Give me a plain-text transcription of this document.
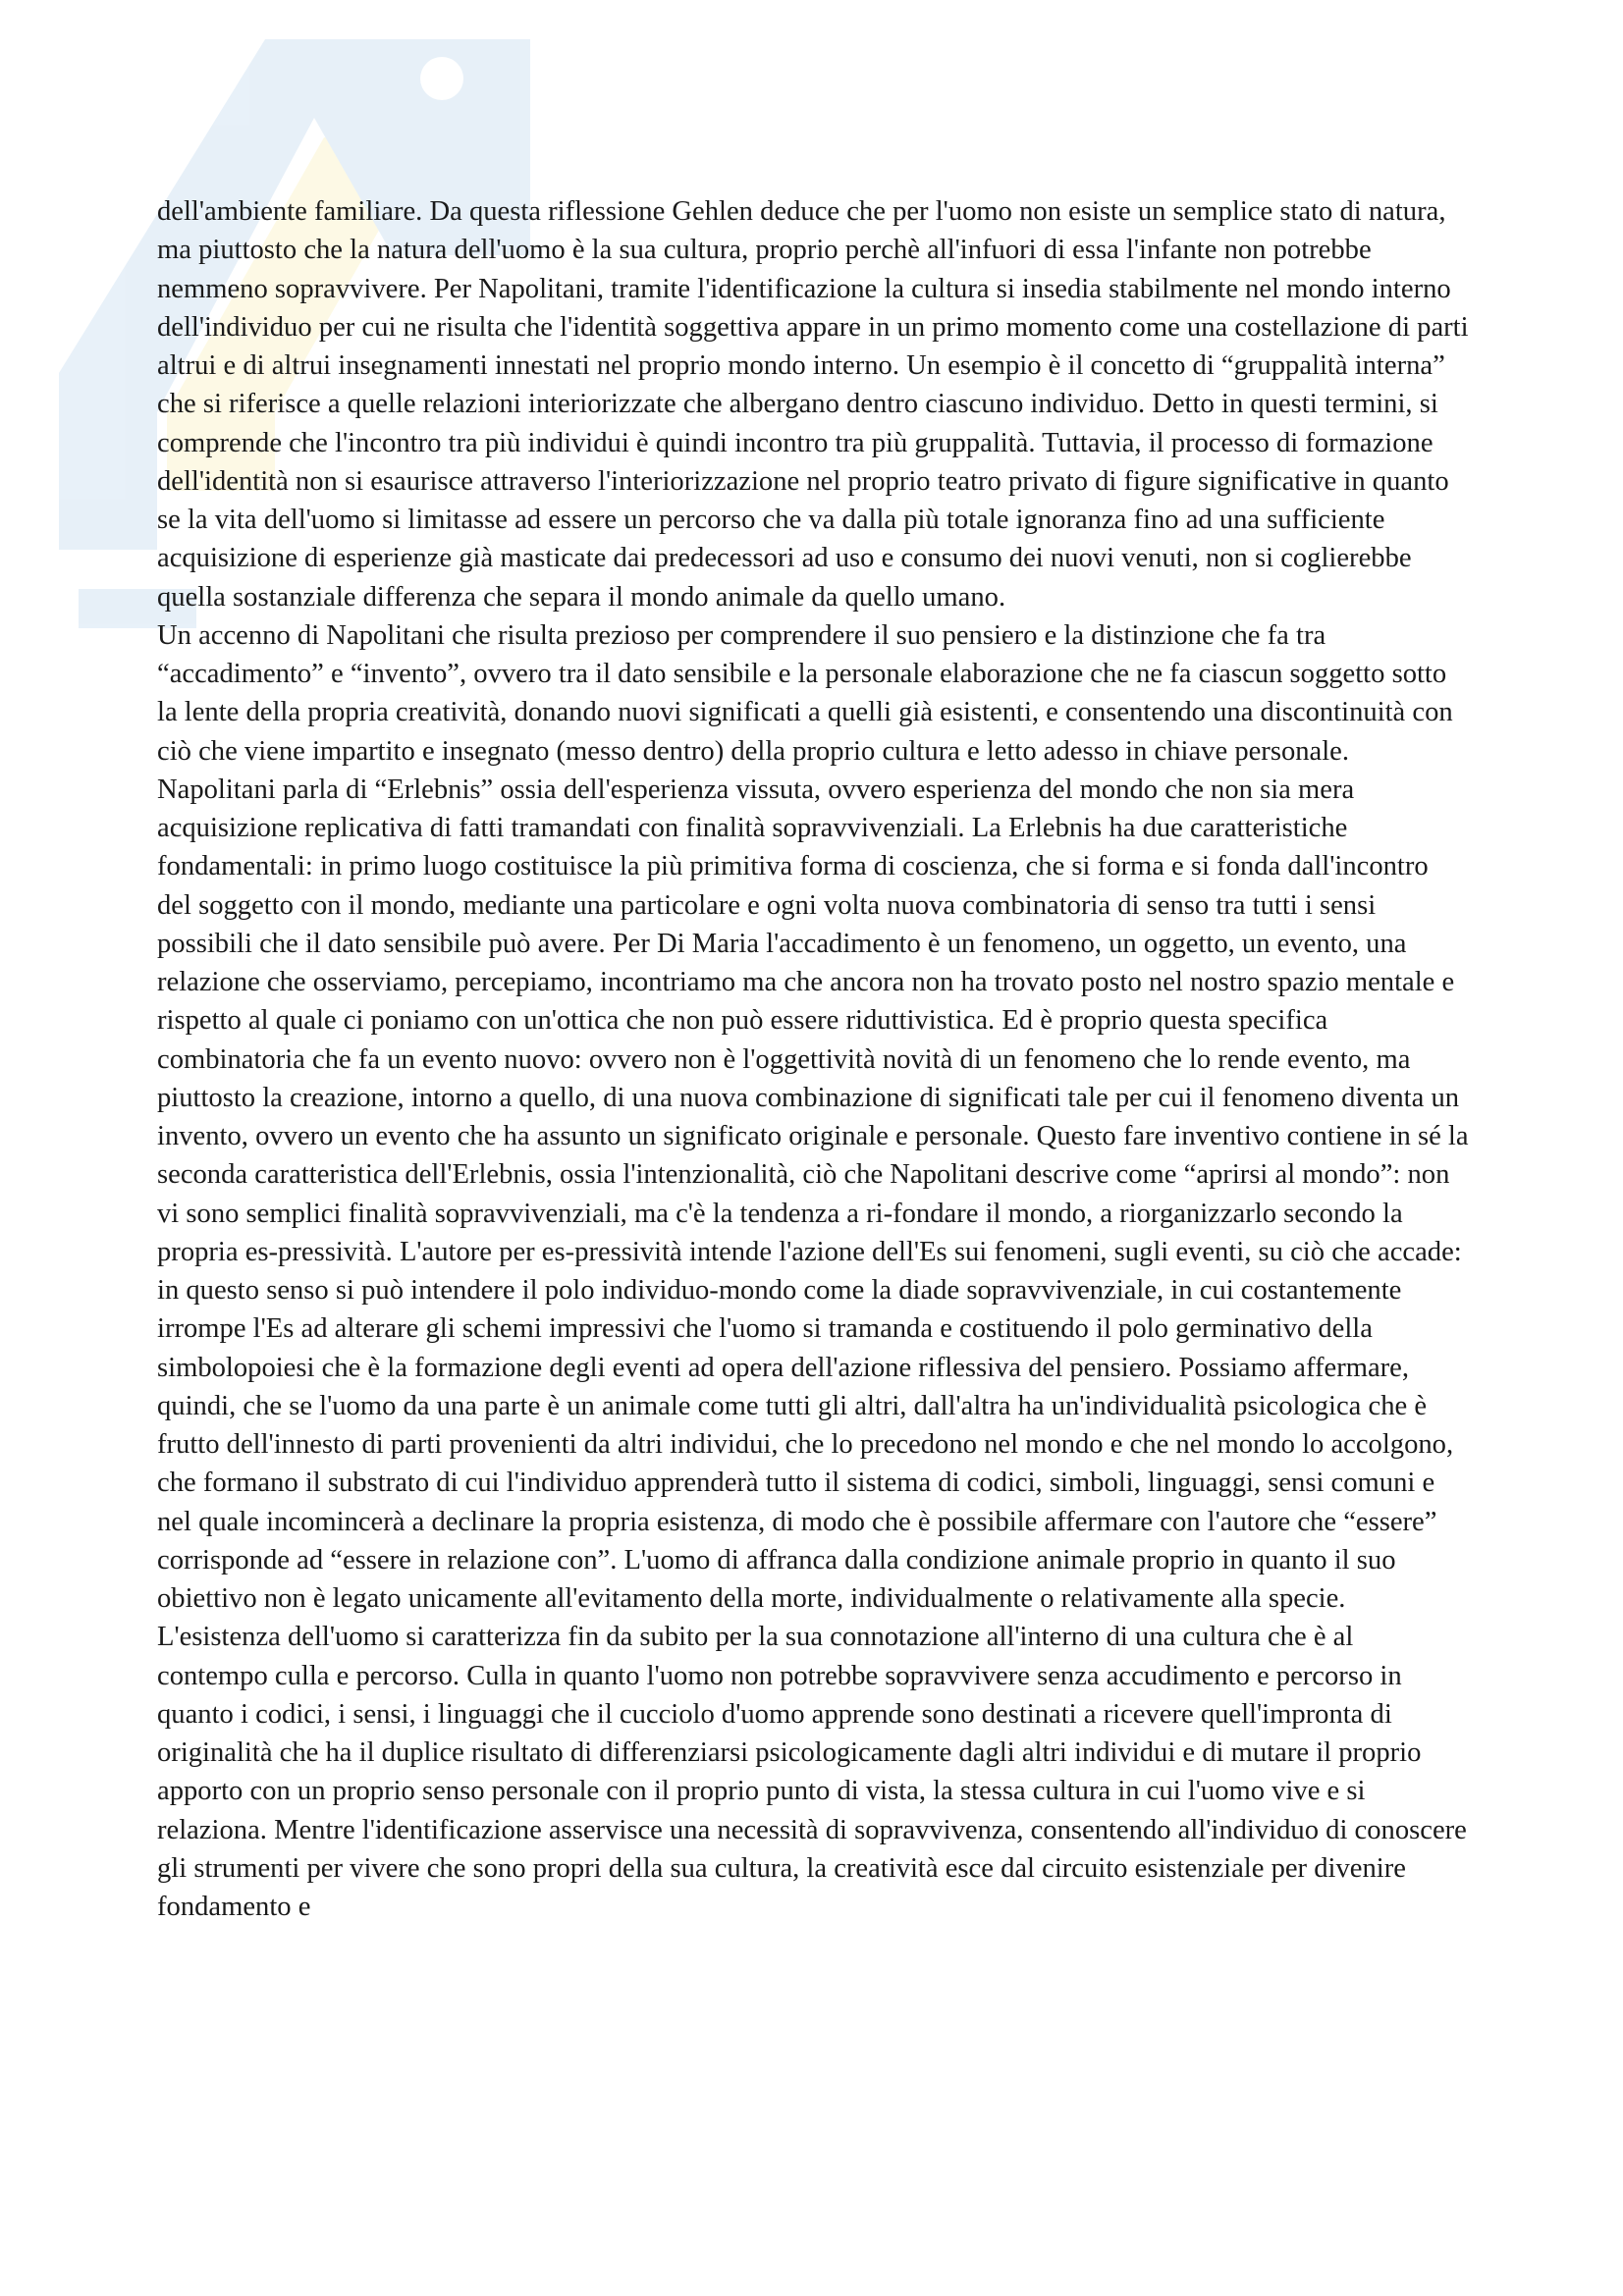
dell'ambiente familiare. Da questa riflessione Gehlen deduce che per l'uomo non esiste un semplice stato di natura, ma piuttosto che la natura dell'uomo è la sua cultura, proprio perchè all'infuori di essa l'infante non potrebbe nemmeno sopravvivere. Per Napolitani, tramite l'identificazione la cultura si insedia stabilmente nel mondo interno dell'individuo per cui ne risulta che l'identità soggettiva appare in un primo momento come una costellazione di parti altrui e di altrui insegnamenti innestati nel proprio mondo interno. Un esempio è il concetto di “gruppalità interna” che si riferisce a quelle relazioni interiorizzate che albergano dentro ciascuno individuo. Detto in questi termini, si comprende che l'incontro tra più individui è quindi incontro tra più gruppalità. Tuttavia, il processo di formazione dell'identità non si esaurisce attraverso l'interiorizzazione nel proprio teatro privato di figure significative in quanto se la vita dell'uomo si limitasse ad essere un percorso che va dalla più totale ignoranza fino ad una sufficiente acquisizione di esperienze già masticate dai predecessori ad uso e consumo dei nuovi venuti, non si coglierebbe quella sostanziale differenza che separa il mondo animale da quello umano.

Un accenno di Napolitani che risulta prezioso per comprendere il suo pensiero e la distinzione che fa tra “accadimento” e “invento”, ovvero tra il dato sensibile e la personale elaborazione che ne fa ciascun soggetto sotto la lente della propria creatività, donando nuovi significati a quelli già esistenti, e consentendo una discontinuità con ciò che viene impartito e insegnato (messo dentro) della proprio cultura e letto adesso in chiave personale. Napolitani parla di “Erlebnis” ossia dell'esperienza vissuta, ovvero esperienza del mondo che non sia mera acquisizione replicativa di fatti tramandati con finalità sopravvivenziali. La Erlebnis ha due caratteristiche fondamentali: in primo luogo costituisce la più primitiva forma di coscienza, che si forma e si fonda dall'incontro del soggetto con il mondo, mediante una particolare e ogni volta nuova combinatoria di senso tra tutti i sensi possibili che il dato sensibile può avere. Per Di Maria l'accadimento è un fenomeno, un oggetto, un evento, una relazione che osserviamo, percepiamo, incontriamo ma che ancora non ha trovato posto nel nostro spazio mentale e rispetto al quale ci poniamo con un'ottica che non può essere riduttivistica. Ed è proprio questa specifica combinatoria che fa un evento nuovo: ovvero non è l'oggettività novità di un fenomeno che lo rende evento, ma piuttosto la creazione, intorno a quello, di una nuova combinazione di significati tale per cui il fenomeno diventa un invento, ovvero un evento che ha assunto un significato originale e personale. Questo fare inventivo contiene in sé la seconda caratteristica dell'Erlebnis, ossia l'intenzionalità, ciò che Napolitani descrive come “aprirsi al mondo”: non vi sono semplici finalità sopravvivenziali, ma c'è la tendenza a ri-fondare il mondo, a riorganizzarlo secondo la propria es-pressività. L'autore per es-pressività intende l'azione dell'Es sui fenomeni, sugli eventi, su ciò che accade: in questo senso si può intendere il polo individuo-mondo come la diade sopravvivenziale, in cui costantemente irrompe l'Es ad alterare gli schemi impressivi che l'uomo si tramanda e costituendo il polo germinativo della simbolopoiesi che è la formazione degli eventi ad opera dell'azione riflessiva del pensiero. Possiamo affermare, quindi, che se l'uomo da una parte è un animale come tutti gli altri, dall'altra ha un'individualità psicologica che è frutto dell'innesto di parti provenienti da altri individui, che lo precedono nel mondo e che nel mondo lo accolgono, che formano il substrato di cui l'individuo apprenderà tutto il sistema di codici, simboli, linguaggi, sensi comuni e nel quale incomincerà a declinare la propria esistenza, di modo che è possibile affermare con l'autore che “essere” corrisponde ad “essere in relazione con”. L'uomo di affranca dalla condizione animale proprio in quanto il suo obiettivo non è legato unicamente all'evitamento della morte, individualmente o relativamente alla specie. L'esistenza dell'uomo si caratterizza fin da subito per la sua connotazione all'interno di una cultura che è al contempo culla e percorso. Culla in quanto l'uomo non potrebbe sopravvivere senza accudimento e percorso in quanto i codici, i sensi, i linguaggi che il cucciolo d'uomo apprende sono destinati a ricevere quell'impronta di originalità che ha il duplice risultato di differenziarsi psicologicamente dagli altri individui e di mutare il proprio apporto con un proprio senso personale con il proprio punto di vista, la stessa cultura in cui l'uomo vive e si relaziona. Mentre l'identificazione asservisce una necessità di sopravvivenza, consentendo all'individuo di conoscere gli strumenti per vivere che sono propri della sua cultura, la creatività esce dal circuito esistenziale per divenire fondamento e
